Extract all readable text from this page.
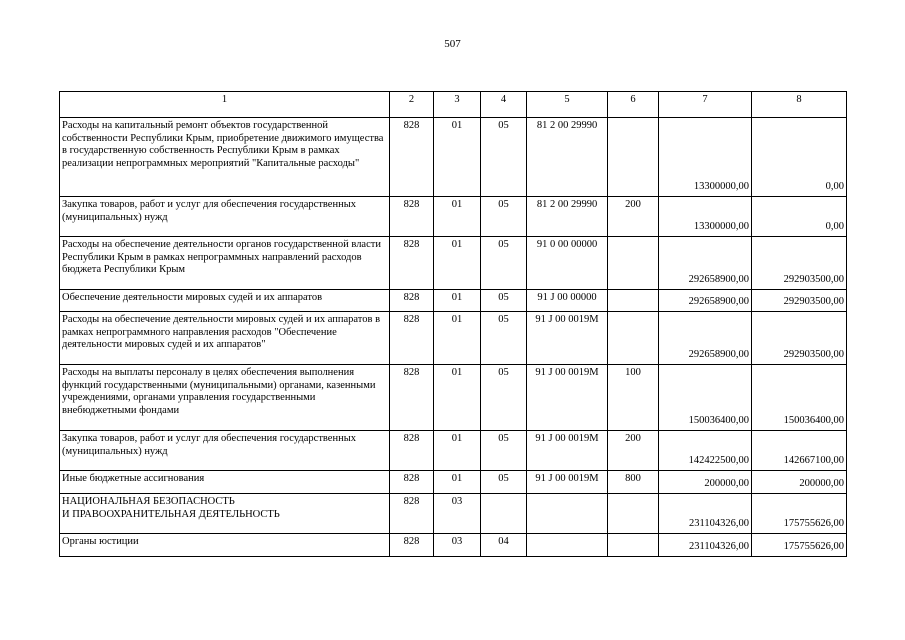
507
1	2	3	4	5	6	7	8
Расходы на капитальный ремонт объектов государственной собственности Республики Крым, приобретение движимого имущества в государственную собственность Республики Крым в рамках реализации непрограммных мероприятий "Капитальные расходы"	828	01	05	81 2 00 29990		13300000,00	0,00
Закупка товаров, работ и услуг для обеспечения государственных (муниципальных) нужд	828	01	05	81 2 00 29990	200	13300000,00	0,00
Расходы на обеспечение деятельности органов государственной власти Республики Крым в рамках непрограммных направлений расходов бюджета Республики Крым	828	01	05	91 0 00 00000		292658900,00	292903500,00
Обеспечение деятельности мировых судей и их аппаратов	828	01	05	91 J 00 00000		292658900,00	292903500,00
Расходы на обеспечение деятельности мировых судей и их аппаратов в рамках непрограммного направления расходов "Обеспечение деятельности мировых судей и их аппаратов"	828	01	05	91 J 00 0019M		292658900,00	292903500,00
Расходы на выплаты персоналу в целях обеспечения выполнения функций государственными (муниципальными) органами, казенными учреждениями, органами управления государственными внебюджетными фондами	828	01	05	91 J 00 0019M	100	150036400,00	150036400,00
Закупка товаров, работ и услуг для обеспечения государственных (муниципальных) нужд	828	01	05	91 J 00 0019M	200	142422500,00	142667100,00
Иные бюджетные ассигнования	828	01	05	91 J 00 0019M	800	200000,00	200000,00
НАЦИОНАЛЬНАЯ БЕЗОПАСНОСТЬ
И ПРАВООХРАНИТЕЛЬНАЯ ДЕЯТЕЛЬНОСТЬ	828	03				231104326,00	175755626,00
Органы юстиции	828	03	04			231104326,00	175755626,00
